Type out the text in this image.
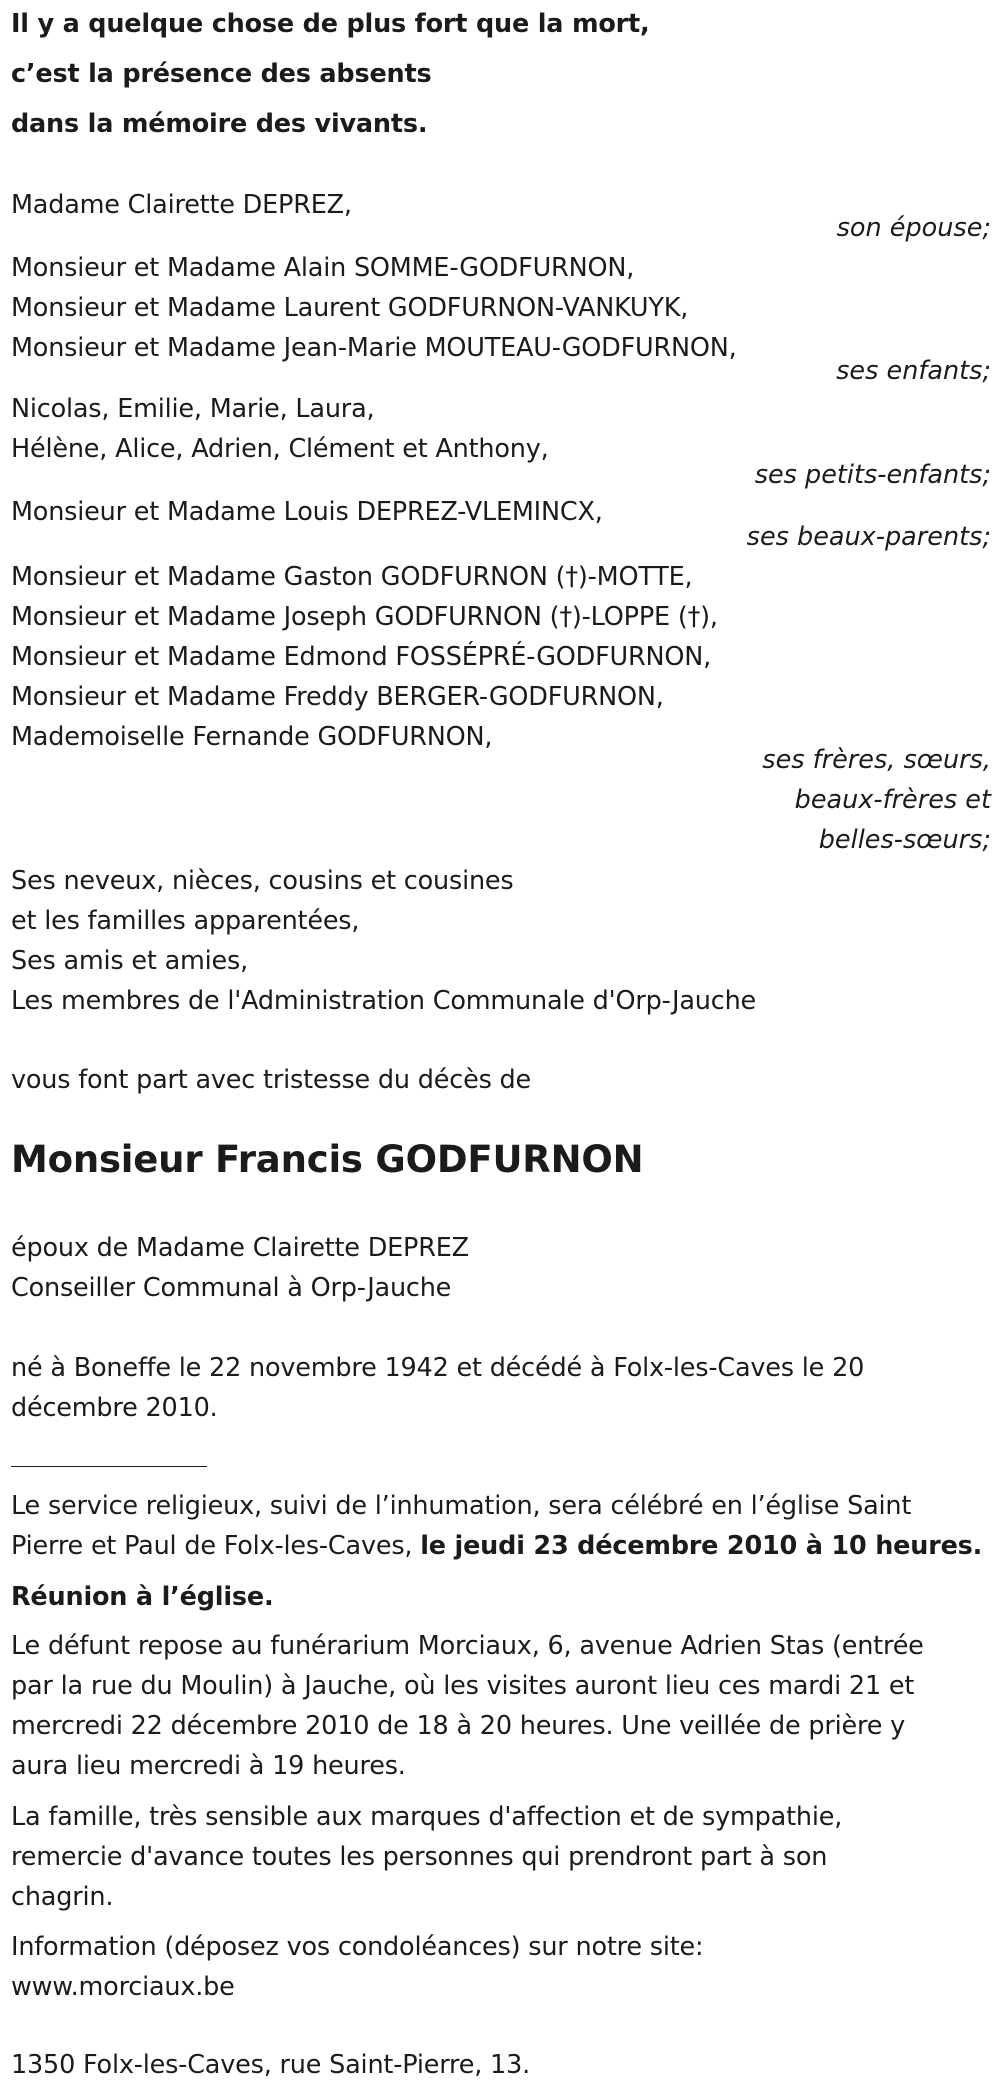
Il y a quelque chose de plus fort que la mort,
c’est la présence des absents
dans la mémoire des vivants.
Madame Clairette DEPREZ,
son épouse;
Monsieur et Madame Alain SOMME-GODFURNON,
Monsieur et Madame Laurent GODFURNON-VANKUYK,
Monsieur et Madame Jean-Marie MOUTEAU-GODFURNON,
ses enfants;
Nicolas, Emilie, Marie, Laura,
Hélène, Alice, Adrien, Clément et Anthony,
ses petits-enfants;
Monsieur et Madame Louis DEPREZ-VLEMINCX,
ses beaux-parents;
Monsieur et Madame Gaston GODFURNON (†)-MOTTE,
Monsieur et Madame Joseph GODFURNON (†)-LOPPE (†),
Monsieur et Madame Edmond FOSSÉPRÉ-GODFURNON,
Monsieur et Madame Freddy BERGER-GODFURNON,
Mademoiselle Fernande GODFURNON,
ses frères, sœurs,
beaux-frères et
belles-sœurs;
Ses neveux, nièces, cousins et cousines
et les familles apparentées,
Ses amis et amies,
Les membres de l'Administration Communale d'Orp-Jauche
vous font part avec tristesse du décès de
Monsieur Francis GODFURNON
époux de Madame Clairette DEPREZ
Conseiller Communal à Orp-Jauche
né à Boneffe le 22 novembre 1942 et décédé à Folx-les-Caves le 20
décembre 2010.
Le service religieux, suivi de l’inhumation, sera célébré en l’église Saint
Pierre et Paul de Folx-les-Caves, le jeudi 23 décembre 2010 à 10 heures.
Réunion à l’église.
Le défunt repose au funérarium Morciaux, 6, avenue Adrien Stas (entrée
par la rue du Moulin) à Jauche, où les visites auront lieu ces mardi 21 et
mercredi 22 décembre 2010 de 18 à 20 heures. Une veillée de prière y
aura lieu mercredi à 19 heures.
La famille, très sensible aux marques d'affection et de sympathie,
remercie d'avance toutes les personnes qui prendront part à son
chagrin.
Information (déposez vos condoléances) sur notre site:
www.morciaux.be
1350 Folx-les-Caves, rue Saint-Pierre, 13.
